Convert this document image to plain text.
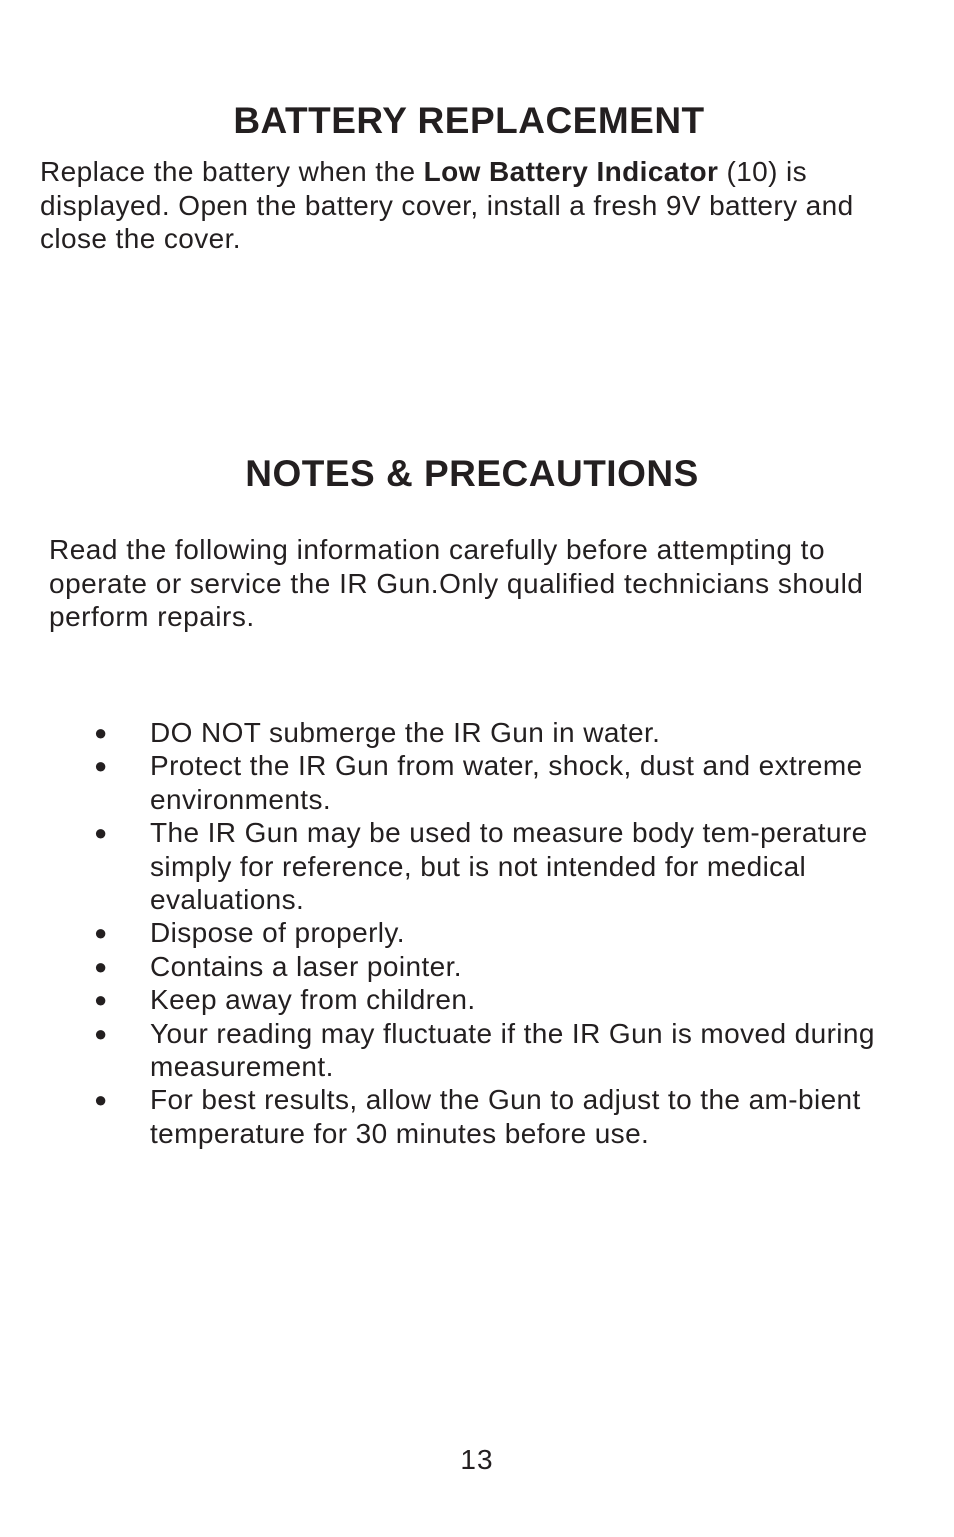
BATTERY REPLACEMENT

Replace the battery when the Low Battery Indicator (10) is displayed. Open the battery cover, install a fresh 9V battery and close the cover.

NOTES & PRECAUTIONS

Read the following information carefully before attempting to operate or service the IR Gun.Only qualified technicians should perform repairs.

● DO NOT submerge the IR Gun in water.
● Protect the IR Gun from water, shock, dust and extreme environments.
● The IR Gun may be used to measure body tem-perature simply for reference, but is not intended for medical evaluations.
● Dispose of properly.
● Contains a laser pointer.
● Keep away from children.
● Your reading may fluctuate if the IR Gun is moved during measurement.
● For best results, allow the Gun to adjust to the am-bient temperature for 30 minutes before use.

13
